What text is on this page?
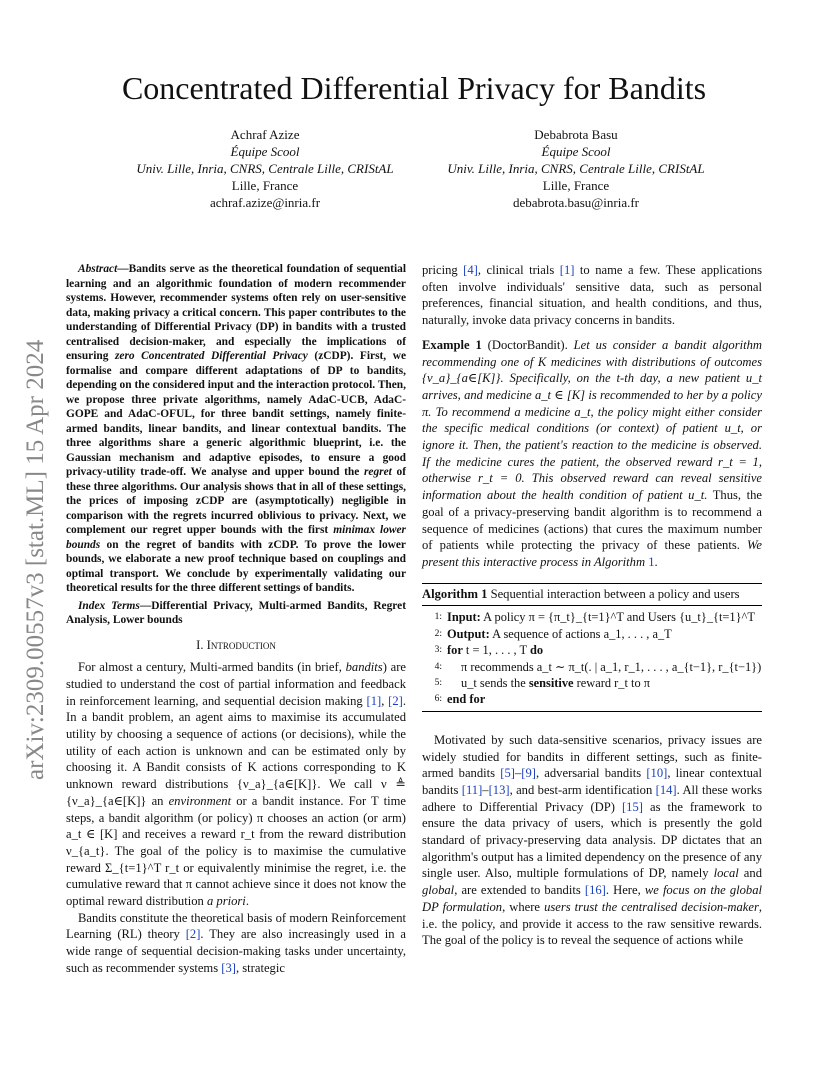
arXiv:2309.00557v3 [stat.ML] 15 Apr 2024
Concentrated Differential Privacy for Bandits
Achraf Azize
Équipe Scool
Univ. Lille, Inria, CNRS, Centrale Lille, CRIStAL
Lille, France
achraf.azize@inria.fr
Debabrota Basu
Équipe Scool
Univ. Lille, Inria, CNRS, Centrale Lille, CRIStAL
Lille, France
debabrota.basu@inria.fr

Abstract—Bandits serve as the theoretical foundation of sequential learning and an algorithmic foundation of modern recommender systems. However, recommender systems often rely on user-sensitive data, making privacy a critical concern. This paper contributes to the understanding of Differential Privacy (DP) in bandits with a trusted centralised decision-maker, and especially the implications of ensuring zero Concentrated Differential Privacy (zCDP). First, we formalise and compare different adaptations of DP to bandits, depending on the considered input and the interaction protocol. Then, we propose three private algorithms, namely AdaC-UCB, AdaC-GOPE and AdaC-OFUL, for three bandit settings, namely finite-armed bandits, linear bandits, and linear contextual bandits. The three algorithms share a generic algorithmic blueprint, i.e. the Gaussian mechanism and adaptive episodes, to ensure a good privacy-utility trade-off. We analyse and upper bound the regret of these three algorithms. Our analysis shows that in all of these settings, the prices of imposing zCDP are (asymptotically) negligible in comparison with the regrets incurred oblivious to privacy. Next, we complement our regret upper bounds with the first minimax lower bounds on the regret of bandits with zCDP. To prove the lower bounds, we elaborate a new proof technique based on couplings and optimal transport. We conclude by experimentally validating our theoretical results for the three different settings of bandits.

Index Terms—Differential Privacy, Multi-armed Bandits, Regret Analysis, Lower bounds

I. Introduction

For almost a century, Multi-armed bandits (in brief, bandits) are studied to understand the cost of partial information and feedback in reinforcement learning, and sequential decision making [1], [2]. In a bandit problem, an agent aims to maximise its accumulated utility by choosing a sequence of actions (or decisions), while the utility of each action is unknown and can be estimated only by choosing it. A Bandit consists of K actions corresponding to K unknown reward distributions {ν_a}_{a∈[K]}. We call ν ≜ {ν_a}_{a∈[K]} an environment or a bandit instance. For T time steps, a bandit algorithm (or policy) π chooses an action (or arm) a_t ∈ [K] and receives a reward r_t from the reward distribution ν_{a_t}. The goal of the policy is to maximise the cumulative reward Σ_{t=1}^T r_t or equivalently minimise the regret, i.e. the cumulative reward that π cannot achieve since it does not know the optimal reward distribution a priori.

Bandits constitute the theoretical basis of modern Reinforcement Learning (RL) theory [2]. They are also increasingly used in a wide range of sequential decision-making tasks under uncertainty, such as recommender systems [3], strategic

pricing [4], clinical trials [1] to name a few. These applications often involve individuals' sensitive data, such as personal preferences, financial situation, and health conditions, and thus, naturally, invoke data privacy concerns in bandits.

Example 1 (DoctorBandit). Let us consider a bandit algorithm recommending one of K medicines with distributions of outcomes {ν_a}_{a∈[K]}. Specifically, on the t-th day, a new patient u_t arrives, and medicine a_t ∈ [K] is recommended to her by a policy π. To recommend a medicine a_t, the policy might either consider the specific medical conditions (or context) of patient u_t, or ignore it. Then, the patient's reaction to the medicine is observed. If the medicine cures the patient, the observed reward r_t = 1, otherwise r_t = 0. This observed reward can reveal sensitive information about the health condition of patient u_t. Thus, the goal of a privacy-preserving bandit algorithm is to recommend a sequence of medicines (actions) that cures the maximum number of patients while protecting the privacy of these patients. We present this interactive process in Algorithm 1.

Algorithm 1 Sequential interaction between a policy and users
1: Input: A policy π = {π_t}_{t=1}^T and Users {u_t}_{t=1}^T
2: Output: A sequence of actions a_1, . . . , a_T
3: for t = 1, . . . , T do
4:	π recommends a_t ∼ π_t(. | a_1, r_1, . . . , a_{t−1}, r_{t−1})
5:	u_t sends the sensitive reward r_t to π
6: end for

Motivated by such data-sensitive scenarios, privacy issues are widely studied for bandits in different settings, such as finite-armed bandits [5]–[9], adversarial bandits [10], linear contextual bandits [11]–[13], and best-arm identification [14]. All these works adhere to Differential Privacy (DP) [15] as the framework to ensure the data privacy of users, which is presently the gold standard of privacy-preserving data analysis. DP dictates that an algorithm's output has a limited dependency on the presence of any single user. Also, multiple formulations of DP, namely local and global, are extended to bandits [16]. Here, we focus on the global DP formulation, where users trust the centralised decision-maker, i.e. the policy, and provide it access to the raw sensitive rewards. The goal of the policy is to reveal the sequence of actions while
